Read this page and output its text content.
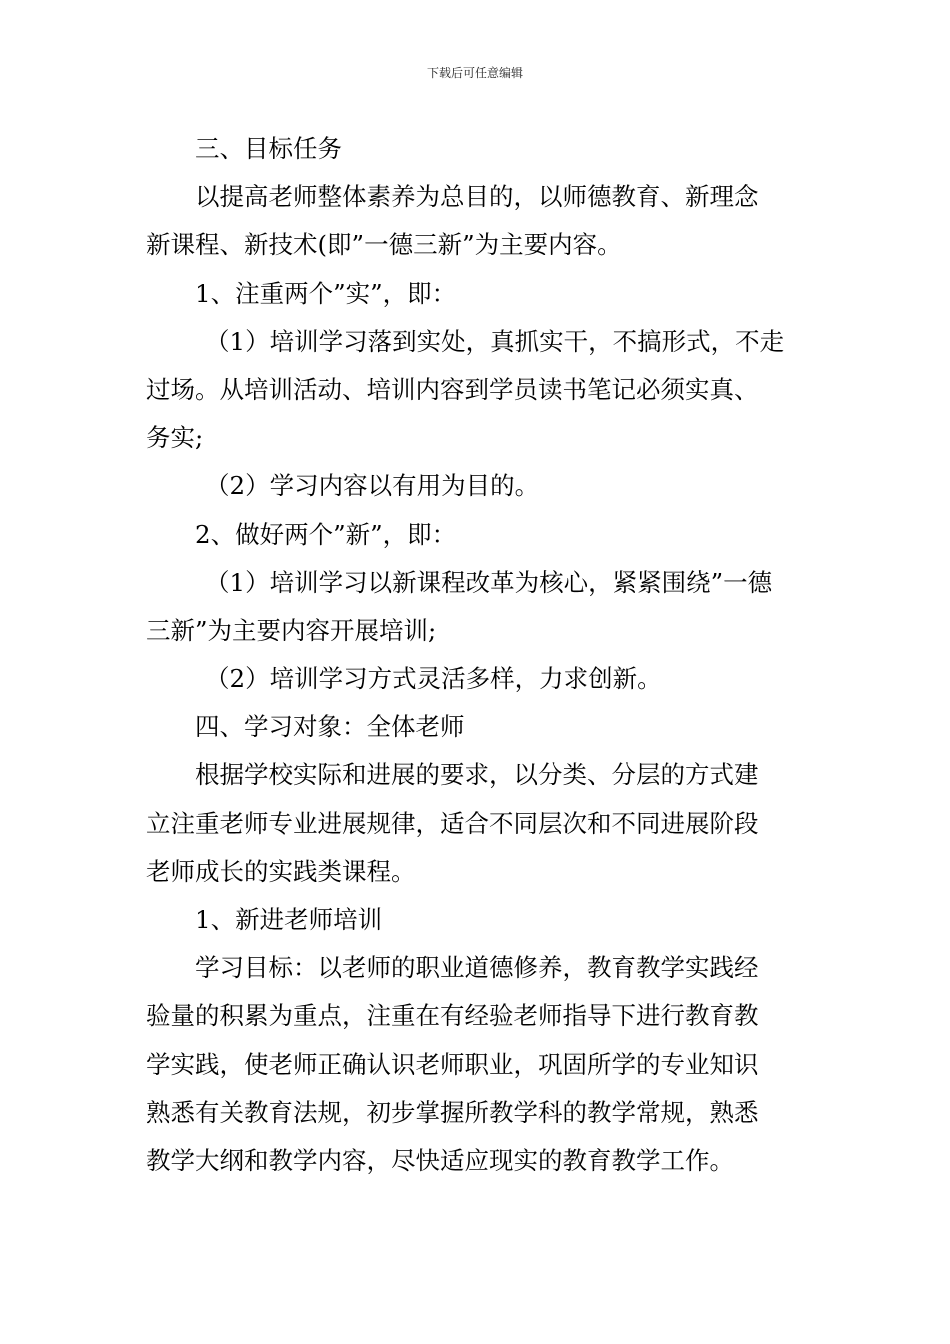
下载后可任意编辑
三、目标任务
以提高老师整体素养为总目的，以师德教育、新理念
新课程、新技术(即”一德三新”为主要内容。
1、注重两个”实”，即：
（1）培训学习落到实处，真抓实干，不搞形式，不走
过场。从培训活动、培训内容到学员读书笔记必须实真、
务实;
（2）学习内容以有用为目的。
2、做好两个”新”，即：
（1）培训学习以新课程改革为核心，紧紧围绕”一德
三新”为主要内容开展培训;
（2）培训学习方式灵活多样，力求创新。
四、学习对象：全体老师
根据学校实际和进展的要求，以分类、分层的方式建
立注重老师专业进展规律，适合不同层次和不同进展阶段
老师成长的实践类课程。
1、新进老师培训
学习目标：以老师的职业道德修养，教育教学实践经
验量的积累为重点，注重在有经验老师指导下进行教育教
学实践，使老师正确认识老师职业，巩固所学的专业知识
熟悉有关教育法规，初步掌握所教学科的教学常规，熟悉
教学大纲和教学内容，尽快适应现实的教育教学工作。
